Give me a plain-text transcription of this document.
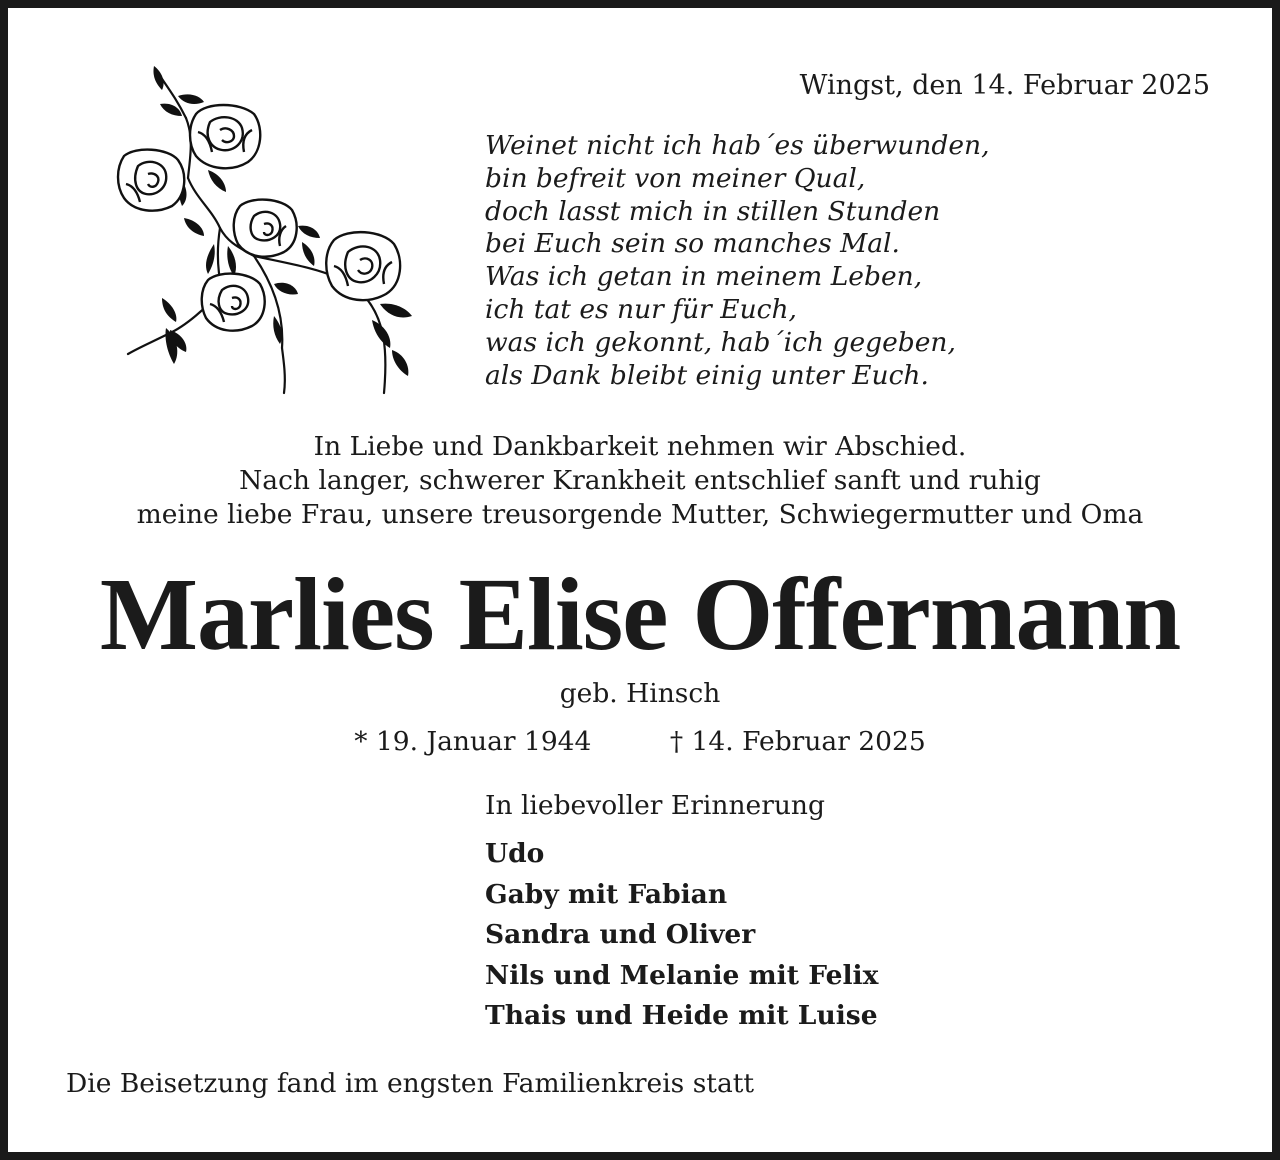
Wingst, den 14. Februar 2025
Weinet nicht ich hab´es überwunden,
bin befreit von meiner Qual,
doch lasst mich in stillen Stunden
bei Euch sein so manches Mal.
Was ich getan in meinem Leben,
ich tat es nur für Euch,
was ich gekonnt, hab´ich gegeben,
als Dank bleibt einig unter Euch.
In Liebe und Dankbarkeit nehmen wir Abschied.
Nach langer, schwerer Krankheit entschlief sanft und ruhig
meine liebe Frau, unsere treusorgende Mutter, Schwiegermutter und Oma
Marlies Elise Offermann
geb. Hinsch
* 19. Januar 1944	† 14. Februar 2025
In liebevoller Erinnerung
Udo
Gaby mit Fabian
Sandra und Oliver
Nils und Melanie mit Felix
Thais und Heide mit Luise
Die Beisetzung fand im engsten Familienkreis statt
